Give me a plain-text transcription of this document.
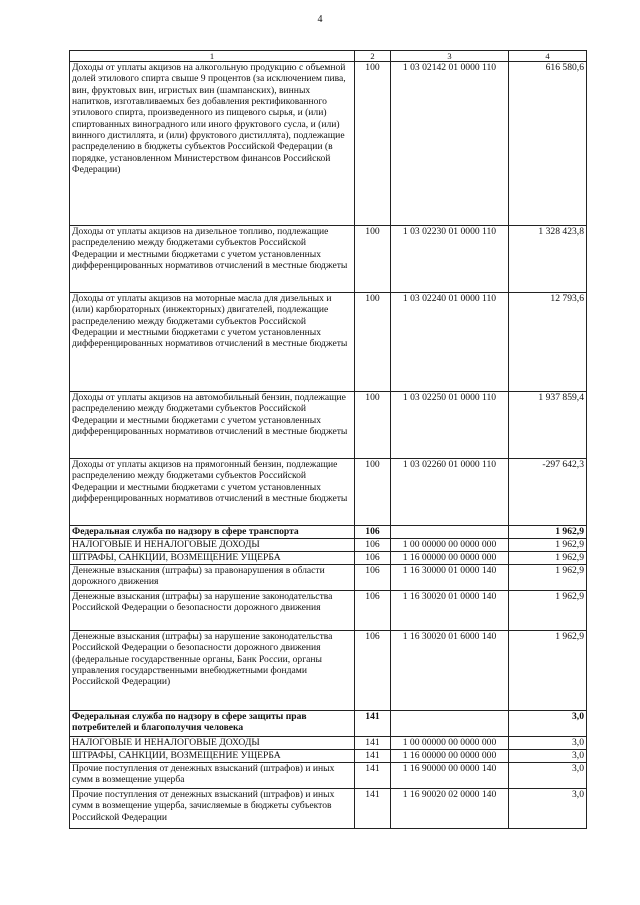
4
1	2	3	4
Доходы от уплаты акцизов на алкогольную продукцию с объемной долей этилового спирта свыше 9 процентов (за исключением пива, вин, фруктовых вин, игристых вин (шампанских), винных напитков, изготавливаемых без добавления ректификованного этилового спирта, произведенного из пищевого сырья, и (или) спиртованных виноградного или иного фруктового сусла, и (или) винного дистиллята, и (или) фруктового дистиллята), подлежащие распределению в бюджеты субъектов Российской Федерации (в порядке, установленном Министерством финансов Российской Федерации)	100	1 03 02142 01 0000 110	616 580,6
Доходы от уплаты акцизов на дизельное топливо, подлежащие распределению между бюджетами субъектов Российской Федерации и местными бюджетами с учетом установленных дифференцированных нормативов отчислений в местные бюджеты	100	1 03 02230 01 0000 110	1 328 423,8
Доходы от уплаты акцизов на моторные масла для дизельных и (или) карбюраторных (инжекторных) двигателей, подлежащие распределению между бюджетами субъектов Российской Федерации и местными бюджетами с учетом установленных дифференцированных нормативов отчислений в местные бюджеты	100	1 03 02240 01 0000 110	12 793,6
Доходы от уплаты акцизов на автомобильный бензин, подлежащие распределению между бюджетами субъектов Российской Федерации и местными бюджетами с учетом установленных дифференцированных нормативов отчислений в местные бюджеты	100	1 03 02250 01 0000 110	1 937 859,4
Доходы от уплаты акцизов на прямогонный бензин, подлежащие распределению между бюджетами субъектов Российской Федерации и местными бюджетами с учетом установленных дифференцированных нормативов отчислений в местные бюджеты	100	1 03 02260 01 0000 110	-297 642,3
Федеральная служба по надзору в сфере транспорта	106		1 962,9
НАЛОГОВЫЕ И НЕНАЛОГОВЫЕ ДОХОДЫ	106	1 00 00000 00 0000 000	1 962,9
ШТРАФЫ, САНКЦИИ, ВОЗМЕЩЕНИЕ УЩЕРБА	106	1 16 00000 00 0000 000	1 962,9
Денежные взыскания (штрафы) за правонарушения в области дорожного движения	106	1 16 30000 01 0000 140	1 962,9
Денежные взыскания (штрафы) за нарушение законодательства Российской Федерации о безопасности дорожного движения	106	1 16 30020 01 0000 140	1 962,9
Денежные взыскания (штрафы) за нарушение законодательства Российской Федерации о безопасности дорожного движения (федеральные государственные органы, Банк России, органы управления государственными внебюджетными фондами Российской Федерации)	106	1 16 30020 01 6000 140	1 962,9
Федеральная служба по надзору в сфере защиты прав потребителей и благополучия человека	141		3,0
НАЛОГОВЫЕ И НЕНАЛОГОВЫЕ ДОХОДЫ	141	1 00 00000 00 0000 000	3,0
ШТРАФЫ, САНКЦИИ, ВОЗМЕЩЕНИЕ УЩЕРБА	141	1 16 00000 00 0000 000	3,0
Прочие поступления от денежных взысканий (штрафов) и иных сумм в возмещение ущерба	141	1 16 90000 00 0000 140	3,0
Прочие поступления от денежных взысканий (штрафов) и иных сумм в возмещение ущерба, зачисляемые в бюджеты субъектов Российской Федерации	141	1 16 90020 02 0000 140	3,0
